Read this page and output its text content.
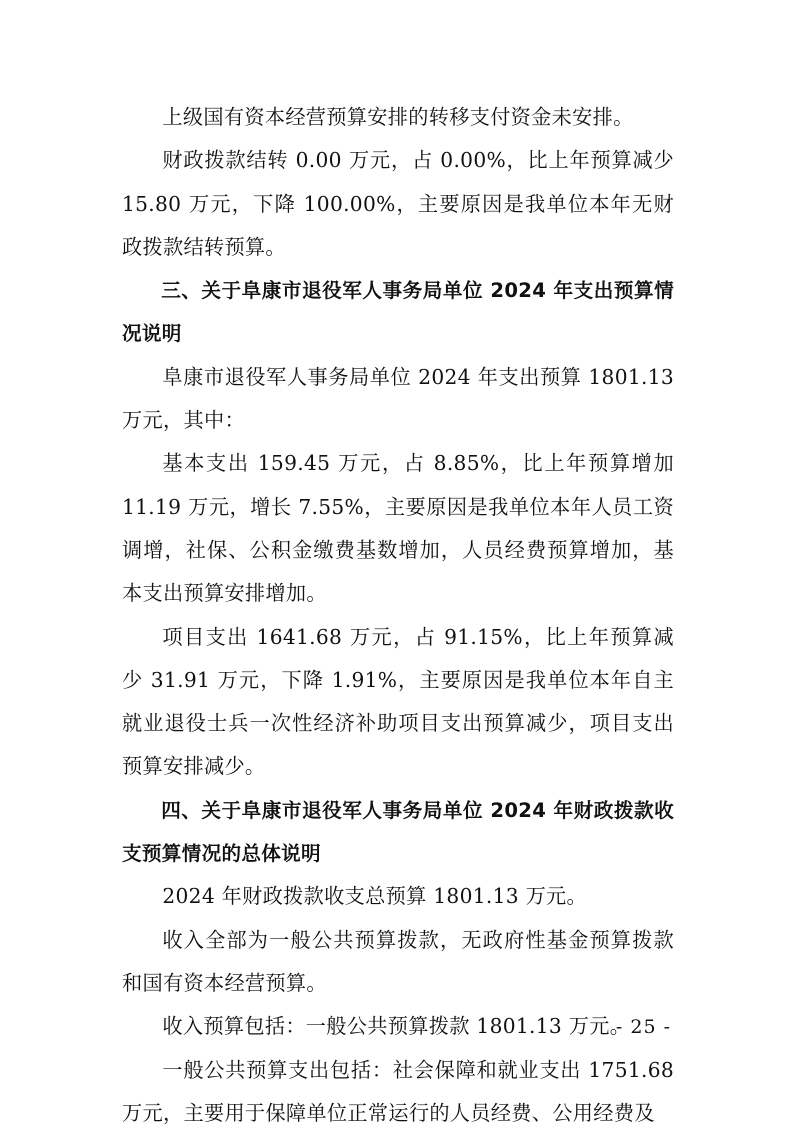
上级国有资本经营预算安排的转移支付资金未安排。

财政拨款结转 0.00 万元，占 0.00%，比上年预算减少 15.80 万元，下降 100.00%，主要原因是我单位本年无财政拨款结转预算。

三、关于阜康市退役军人事务局单位 2024 年支出预算情况说明

阜康市退役军人事务局单位 2024 年支出预算 1801.13 万元，其中：

基本支出 159.45 万元，占 8.85%，比上年预算增加 11.19 万元，增长 7.55%，主要原因是我单位本年人员工资调增，社保、公积金缴费基数增加，人员经费预算增加，基本支出预算安排增加。

项目支出 1641.68 万元，占 91.15%，比上年预算减少 31.91 万元，下降 1.91%，主要原因是我单位本年自主就业退役士兵一次性经济补助项目支出预算减少，项目支出预算安排减少。

四、关于阜康市退役军人事务局单位 2024 年财政拨款收支预算情况的总体说明

2024 年财政拨款收支总预算 1801.13 万元。

收入全部为一般公共预算拨款，无政府性基金预算拨款和国有资本经营预算。

收入预算包括：一般公共预算拨款 1801.13 万元。

一般公共预算支出包括：社会保障和就业支出 1751.68 万元，主要用于保障单位正常运行的人员经费、公用经费及

- 25 -
